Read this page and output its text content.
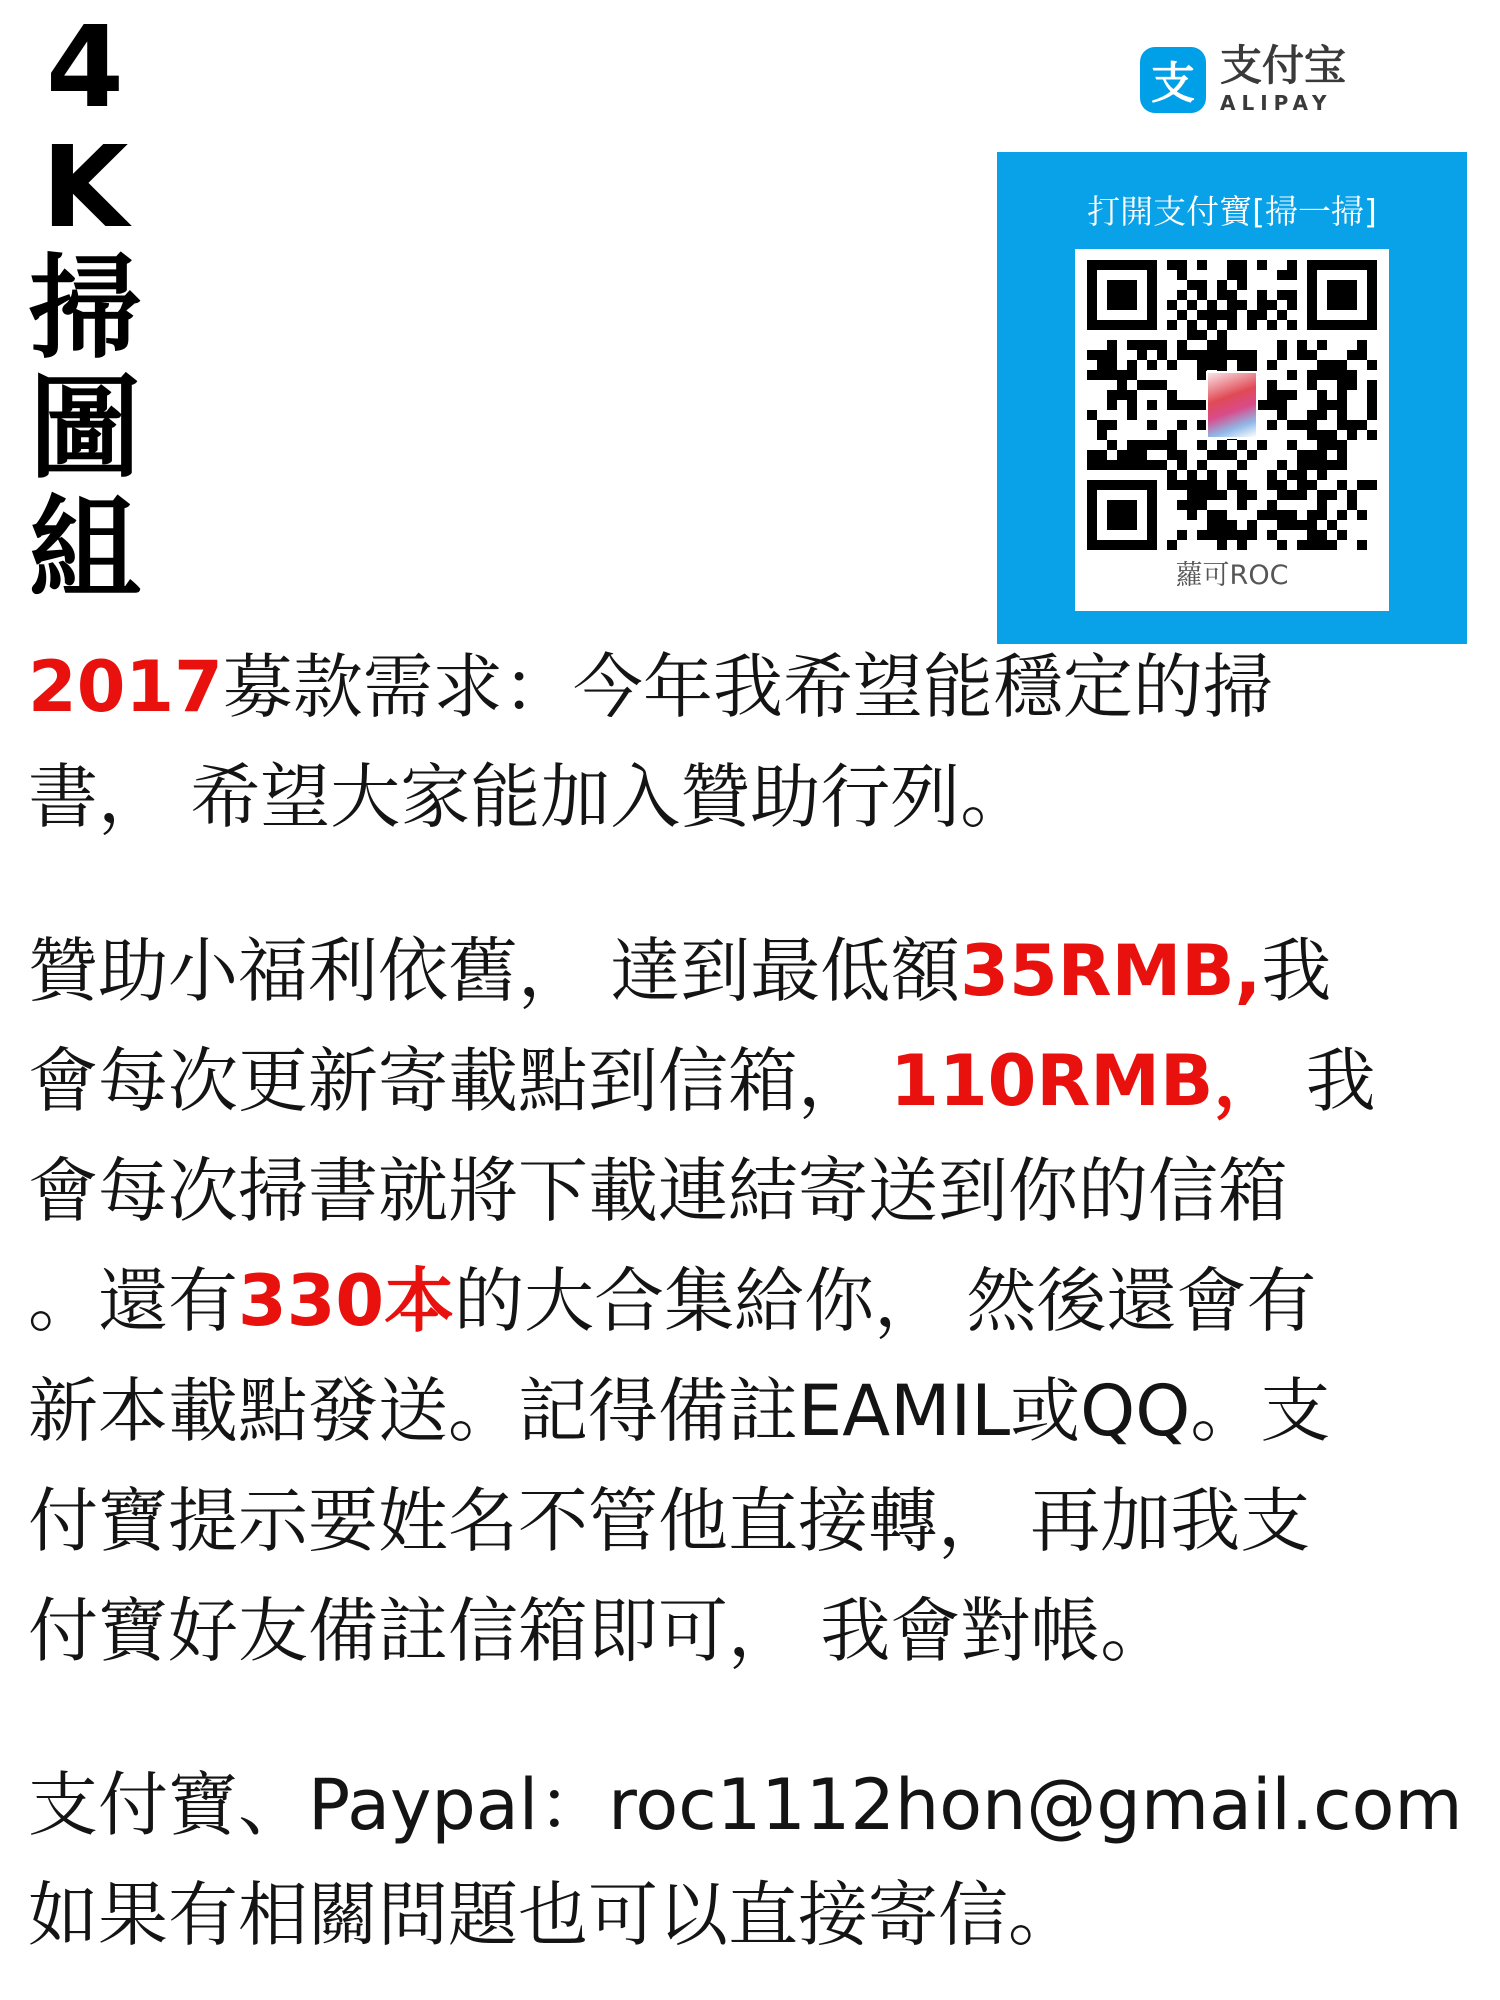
4
K
掃
圖
組
支 支付宝
ALIPAY
打開支付寶[掃一掃]
蘿可ROC
2017募款需求：今年我希望能穩定的掃
書， 希望大家能加入贊助行列。
贊助小福利依舊， 達到最低額35RMB,我
會每次更新寄載點到信箱， 110RMB， 我
會每次掃書就將下載連結寄送到你的信箱
。還有330本的大合集給你， 然後還會有
新本載點發送。記得備註EAMIL或QQ。支
付寶提示要姓名不管他直接轉， 再加我支
付寶好友備註信箱即可， 我會對帳。
支付寶、Paypal：roc1112hon@gmail.com
如果有相關問題也可以直接寄信。
